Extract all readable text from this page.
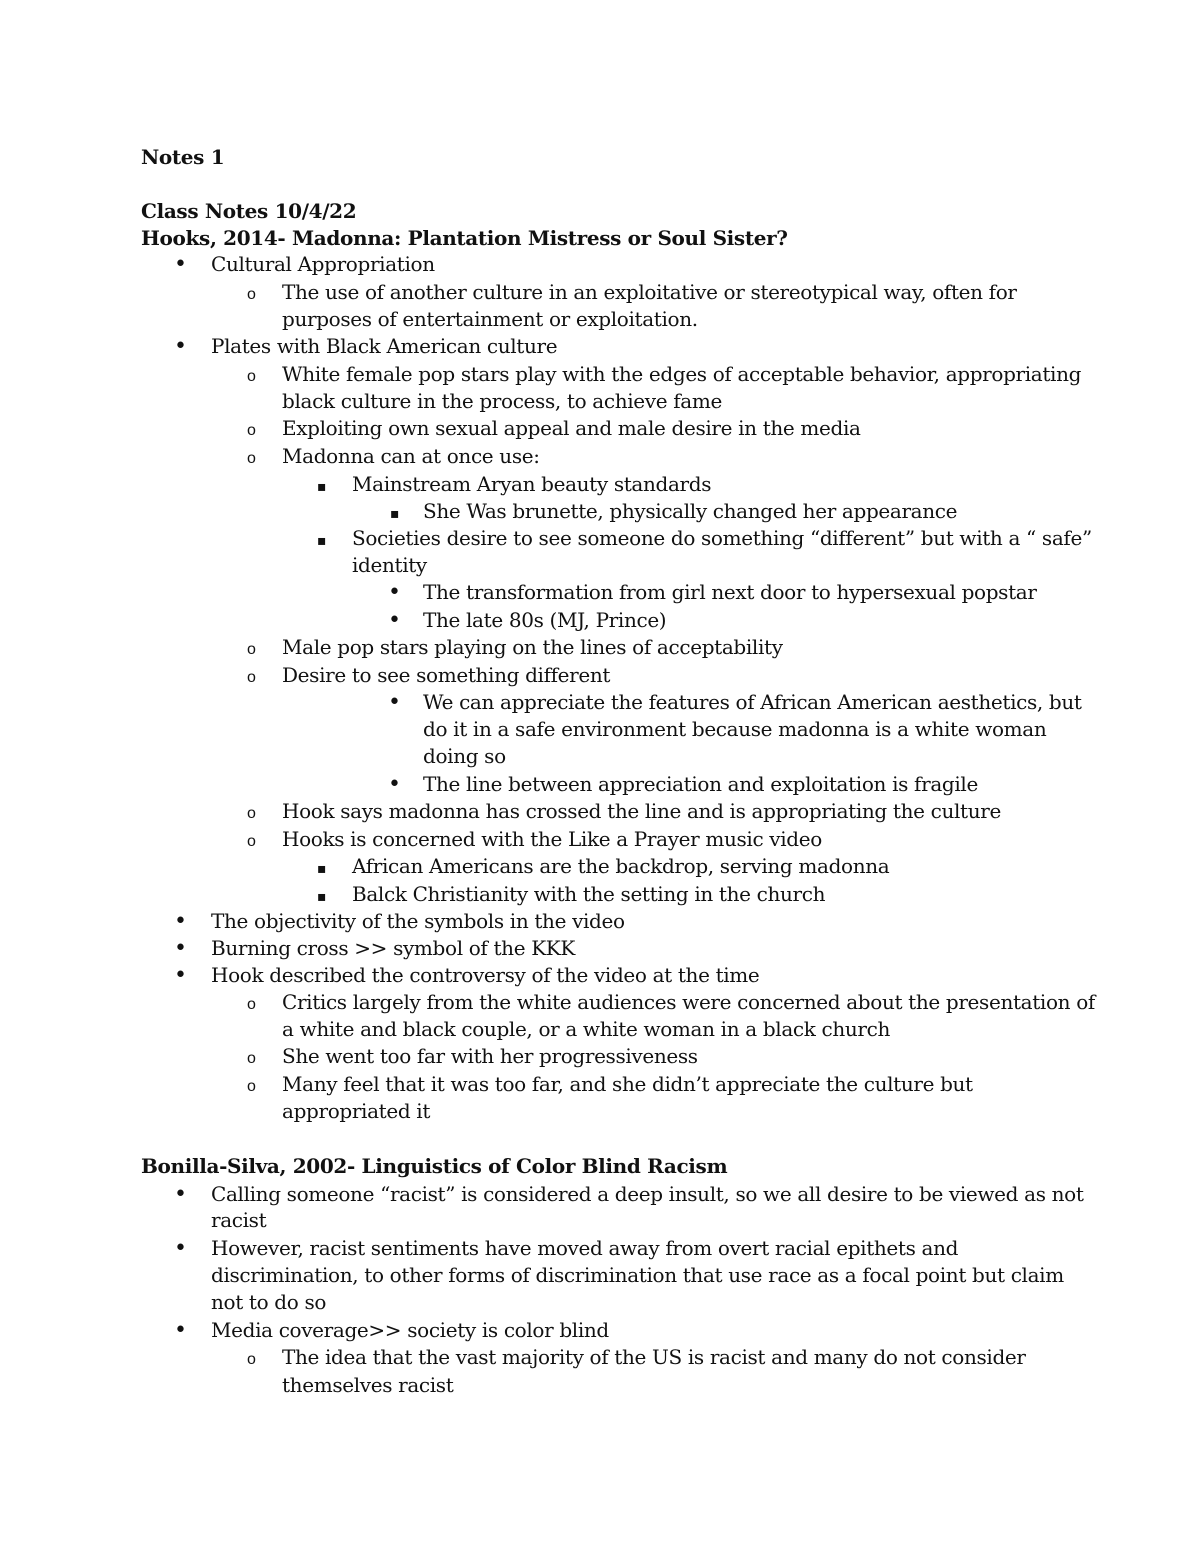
Notes 1
Class Notes 10/4/22
Hooks, 2014- Madonna: Plantation Mistress or Soul Sister?
•
Cultural Appropriation
o
The use of another culture in an exploitative or stereotypical way, often for
purposes of entertainment or exploitation.
•
Plates with Black American culture
o
White female pop stars play with the edges of acceptable behavior, appropriating
black culture in the process, to achieve fame
o
Exploiting own sexual appeal and male desire in the media
o
Madonna can at once use:
▪
Mainstream Aryan beauty standards
▪
She Was brunette, physically changed her appearance
▪
Societies desire to see someone do something “different” but with a “ safe”
identity
•
The transformation from girl next door to hypersexual popstar
•
The late 80s (MJ, Prince)
o
Male pop stars playing on the lines of acceptability
o
Desire to see something different
•
We can appreciate the features of African American aesthetics, but
do it in a safe environment because madonna is a white woman
doing so
•
The line between appreciation and exploitation is fragile
o
Hook says madonna has crossed the line and is appropriating the culture
o
Hooks is concerned with the Like a Prayer music video
▪
African Americans are the backdrop, serving madonna
▪
Balck Christianity with the setting in the church
•
The objectivity of the symbols in the video
•
Burning cross >> symbol of the KKK
•
Hook described the controversy of the video at the time
o
Critics largely from the white audiences were concerned about the presentation of
a white and black couple, or a white woman in a black church
o
She went too far with her progressiveness
o
Many feel that it was too far, and she didn’t appreciate the culture but
appropriated it
Bonilla-Silva, 2002- Linguistics of Color Blind Racism
•
Calling someone “racist” is considered a deep insult, so we all desire to be viewed as not
racist
•
However, racist sentiments have moved away from overt racial epithets and
discrimination, to other forms of discrimination that use race as a focal point but claim
not to do so
•
Media coverage>> society is color blind
o
The idea that the vast majority of the US is racist and many do not consider
themselves racist
